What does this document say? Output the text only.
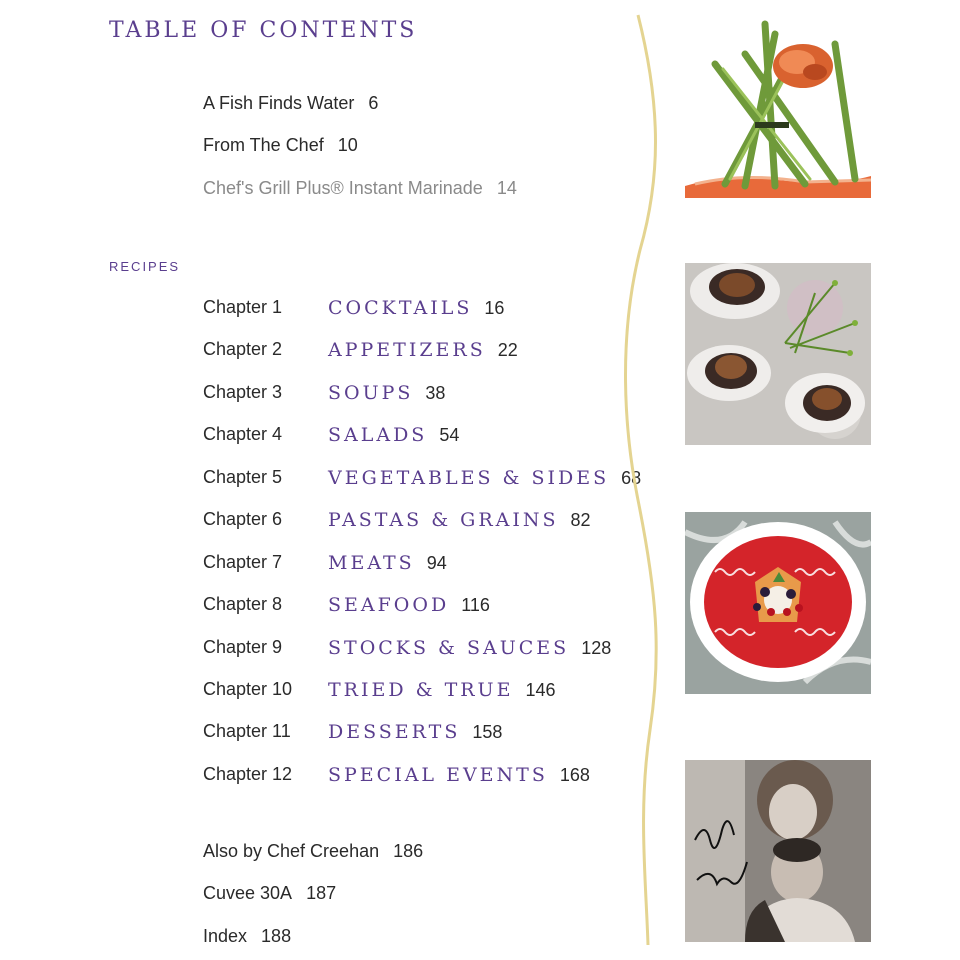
TABLE OF CONTENTS
A Fish Finds Water 6
From The Chef 10
Chef's Grill Plus® Instant Marinade 14
RECIPES
Chapter 1 COCKTAILS 16
Chapter 2 APPETIZERS 22
Chapter 3 SOUPS 38
Chapter 4 SALADS 54
Chapter 5 VEGETABLES & SIDES 68
Chapter 6 PASTAS & GRAINS 82
Chapter 7 MEATS 94
Chapter 8 SEAFOOD 116
Chapter 9 STOCKS & SAUCES 128
Chapter 10 TRIED & TRUE 146
Chapter 11 DESSERTS 158
Chapter 12 SPECIAL EVENTS 168
Also by Chef Creehan 186
Cuvee 30A 187
Index 188
